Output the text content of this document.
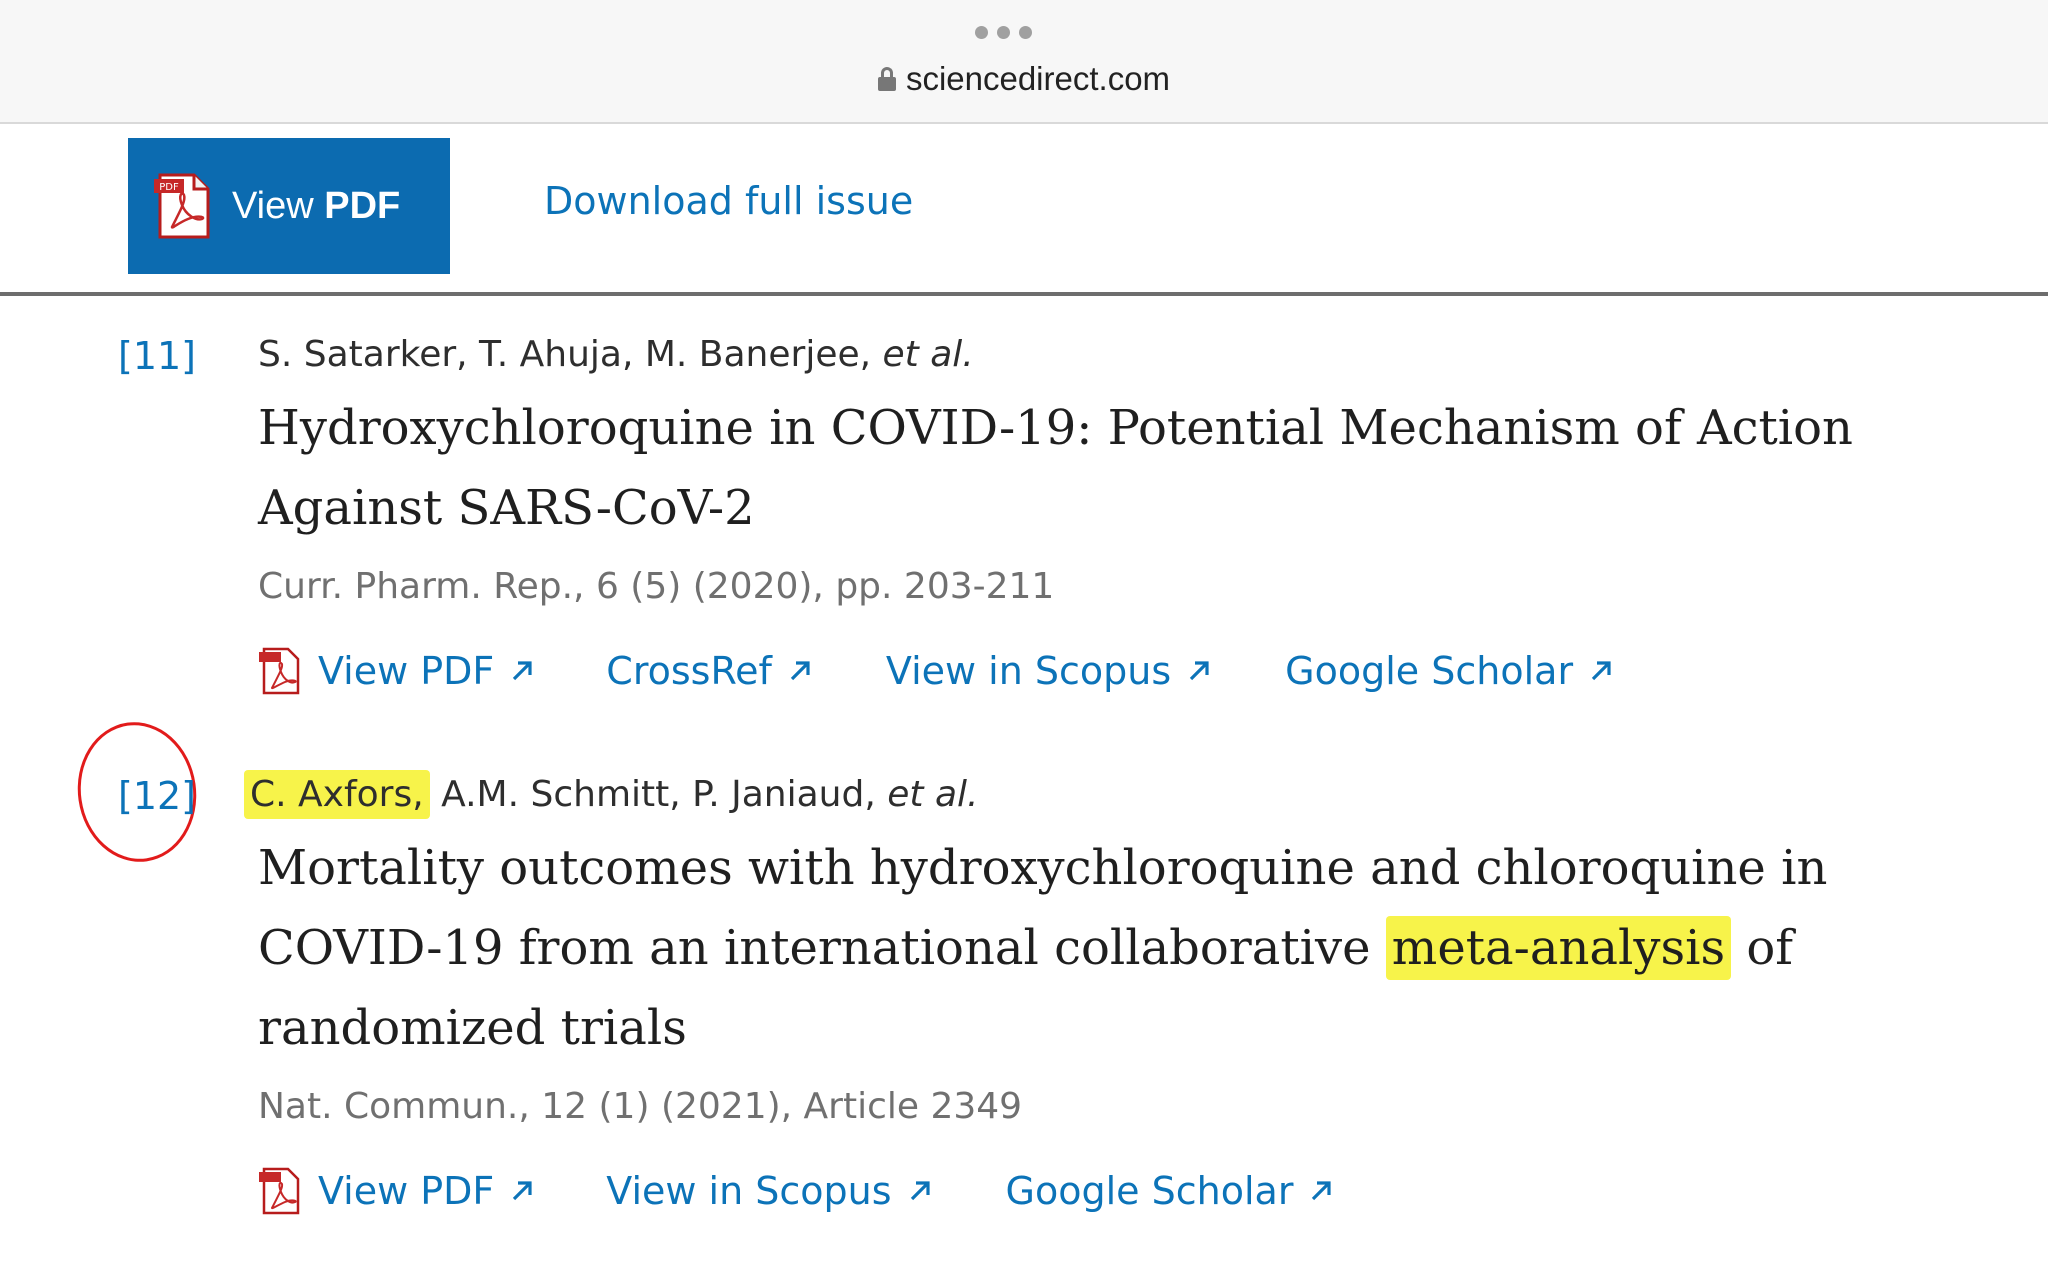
sciencedirect.com
PDF View PDF	Download full issue
[11] S. Satarker, T. Ahuja, M. Banerjee, et al.
Hydroxychloroquine in COVID-19: Potential Mechanism of Action
Against SARS-CoV-2
Curr. Pharm. Rep., 6 (5) (2020), pp. 203-211
View PDF	CrossRef	View in Scopus	Google Scholar
[12] C. Axfors, A.M. Schmitt, P. Janiaud, et al.
Mortality outcomes with hydroxychloroquine and chloroquine in
COVID-19 from an international collaborative meta-analysis of
randomized trials
Nat. Commun., 12 (1) (2021), Article 2349
View PDF	View in Scopus	Google Scholar
